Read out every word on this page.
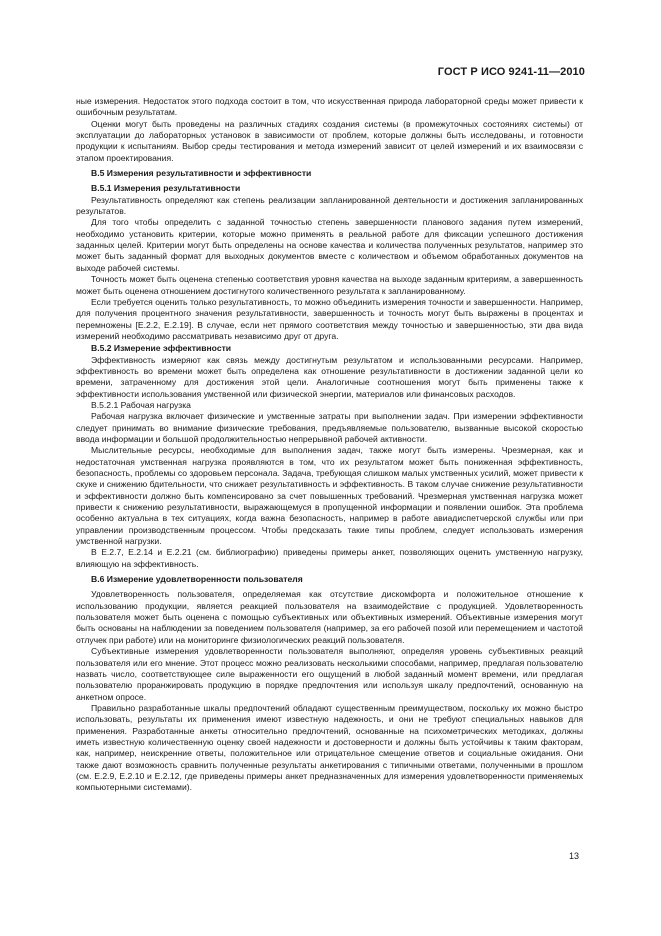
ГОСТ Р ИСО 9241-11—2010

ные измерения. Недостаток этого подхода состоит в том, что искусственная природа лабораторной среды может привести к ошибочным результатам.

Оценки могут быть проведены на различных стадиях создания системы (в промежуточных состояниях системы) от эксплуатации до лабораторных установок в зависимости от проблем, которые должны быть исследованы, и готовности продукции к испытаниям. Выбор среды тестирования и метода измерений зависит от целей измерений и их взаимосвязи с этапом проектирования.

B.5 Измерения результативности и эффективности
B.5.1 Измерения результативности

Результативность определяют как степень реализации запланированной деятельности и достижения запланированных результатов.

Для того чтобы определить с заданной точностью степень завершенности планового задания путем измерений, необходимо установить критерии, которые можно применять в реальной работе для фиксации успешного достижения заданных целей. Критерии могут быть определены на основе качества и количества полученных результатов, например это может быть заданный формат для выходных документов вместе с количеством и объемом обработанных документов на выходе рабочей системы.

Точность может быть оценена степенью соответствия уровня качества на выходе заданным критериям, а завершенность может быть оценена отношением достигнутого количественного результата к запланированному.

Если требуется оценить только результативность, то можно объединить измерения точности и завершенности. Например, для получения процентного значения результативности, завершенность и точность могут быть выражены в процентах и перемножены [Е.2.2, Е.2.19]. В случае, если нет прямого соответствия между точностью и завершенностью, эти два вида измерений необходимо рассматривать независимо друг от друга.

B.5.2 Измерение эффективности

Эффективность измеряют как связь между достигнутым результатом и использованными ресурсами. Например, эффективность во времени может быть определена как отношение результативности в достижении заданной цели ко времени, затраченному для достижения этой цели. Аналогичные соотношения могут быть применены также к эффективности использования умственной или физической энергии, материалов или финансовых расходов.

B.5.2.1 Рабочая нагрузка

Рабочая нагрузка включает физические и умственные затраты при выполнении задач. При измерении эффективности следует принимать во внимание физические требования, предъявляемые пользователю, вызванные высокой скоростью ввода информации и большой продолжительностью непрерывной рабочей активности.

Мыслительные ресурсы, необходимые для выполнения задач, также могут быть измерены. Чрезмерная, как и недостаточная умственная нагрузка проявляются в том, что их результатом может быть пониженная эффективность, безопасность, проблемы со здоровьем персонала. Задача, требующая слишком малых умственных усилий, может привести к скуке и снижению бдительности, что снижает результативность и эффективность. В таком случае снижение результативности и эффективности должно быть компенсировано за счет повышенных требований. Чрезмерная умственная нагрузка может привести к снижению результативности, выражающемуся в пропущенной информации и появлении ошибок. Эта проблема особенно актуальна в тех ситуациях, когда важна безопасность, например в работе авиадиспетчерской службы или при управлении производственным процессом. Чтобы предсказать такие типы проблем, следует использовать измерения умственной нагрузки.

В Е.2.7, Е.2.14 и Е.2.21 (см. библиографию) приведены примеры анкет, позволяющих оценить умственную нагрузку, влияющую на эффективность.

B.6 Измерение удовлетворенности пользователя

Удовлетворенность пользователя, определяемая как отсутствие дискомфорта и положительное отношение к использованию продукции, является реакцией пользователя на взаимодействие с продукцией. Удовлетворенность пользователя может быть оценена с помощью субъективных или объективных измерений. Объективные измерения могут быть основаны на наблюдении за поведением пользователя (например, за его рабочей позой или перемещением и частотой отлучек при работе) или на мониторинге физиологических реакций пользователя.

Субъективные измерения удовлетворенности пользователя выполняют, определяя уровень субъективных реакций пользователя или его мнение. Этот процесс можно реализовать несколькими способами, например, предлагая пользователю назвать число, соответствующее силе выраженности его ощущений в любой заданный момент времени, или предлагая пользователю проранжировать продукцию в порядке предпочтения или используя шкалу предпочтений, основанную на анкетном опросе.

Правильно разработанные шкалы предпочтений обладают существенным преимуществом, поскольку их можно быстро использовать, результаты их применения имеют известную надежность, и они не требуют специальных навыков для применения. Разработанные анкеты относительно предпочтений, основанные на психометрических методиках, должны иметь известную количественную оценку своей надежности и достоверности и должны быть устойчивы к таким факторам, как, например, неискренние ответы, положительное или отрицательное смещение ответов и социальные ожидания. Они также дают возможность сравнить полученные результаты анкетирования с типичными ответами, полученными в прошлом (см. Е.2.9, Е.2.10 и Е.2.12, где приведены примеры анкет предназначенных для измерения удовлетворенности применяемых компьютерными системами).

13
